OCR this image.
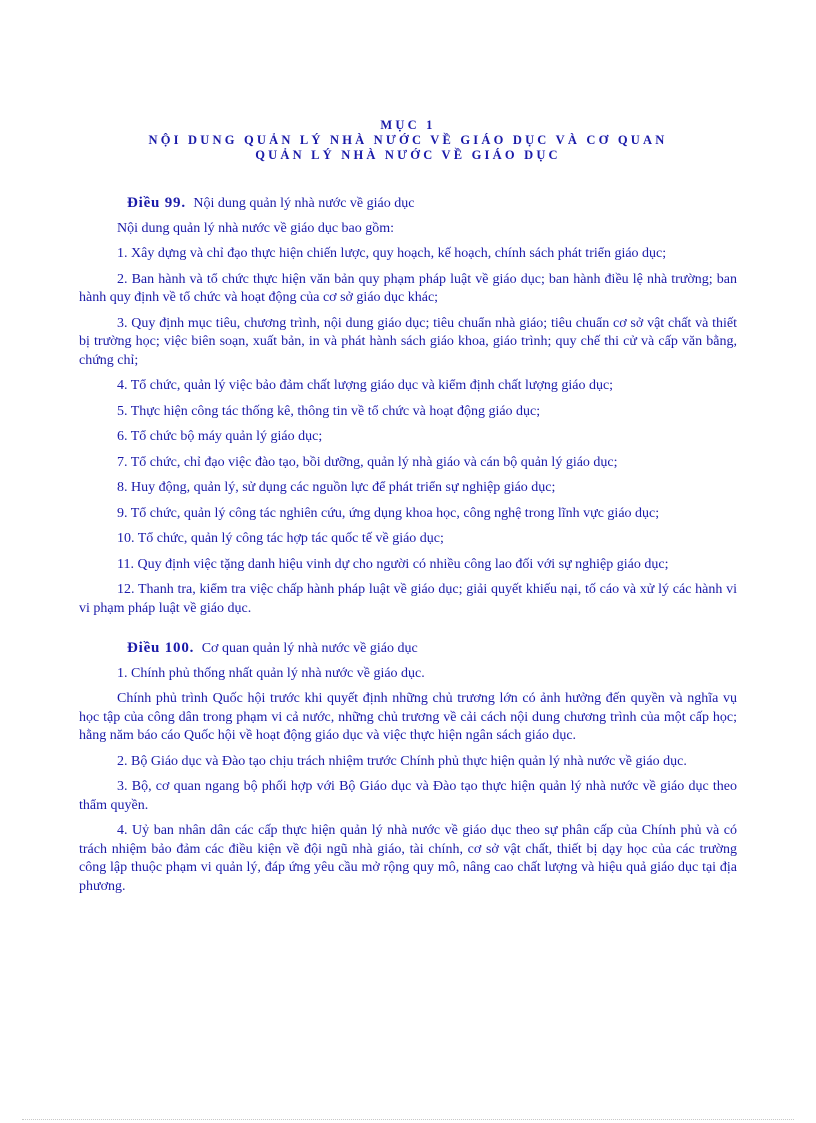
MỤC 1
NỘI DUNG QUẢN LÝ NHÀ NƯỚC VỀ GIÁO DỤC VÀ CƠ QUAN
QUẢN LÝ NHÀ NƯỚC VỀ GIÁO DỤC
Điều 99. Nội dung quản lý nhà nước về giáo dục

Nội dung quản lý nhà nước về giáo dục bao gồm:

1. Xây dựng và chỉ đạo thực hiện chiến lược, quy hoạch, kế hoạch, chính sách phát triển giáo dục;

2. Ban hành và tổ chức thực hiện văn bản quy phạm pháp luật về giáo dục; ban hành điều lệ nhà trường; ban hành quy định về tổ chức và hoạt động của cơ sở giáo dục khác;

3. Quy định mục tiêu, chương trình, nội dung giáo dục; tiêu chuẩn nhà giáo; tiêu chuẩn cơ sở vật chất và thiết bị trường học; việc biên soạn, xuất bản, in và phát hành sách giáo khoa, giáo trình; quy chế thi cử và cấp văn bằng, chứng chỉ;

4. Tổ chức, quản lý việc bảo đảm chất lượng giáo dục và kiểm định chất lượng giáo dục;

5. Thực hiện công tác thống kê, thông tin về tổ chức và hoạt động giáo dục;

6. Tổ chức bộ máy quản lý giáo dục;

7. Tổ chức, chỉ đạo việc đào tạo, bồi dưỡng, quản lý nhà giáo và cán bộ quản lý giáo dục;

8. Huy động, quản lý, sử dụng các nguồn lực để phát triển sự nghiệp giáo dục;

9. Tổ chức, quản lý công tác nghiên cứu, ứng dụng khoa học, công nghệ trong lĩnh vực giáo dục;

10. Tổ chức, quản lý công tác hợp tác quốc tế về giáo dục;

11. Quy định việc tặng danh hiệu vinh dự cho người có nhiều công lao đối với sự nghiệp giáo dục;

12. Thanh tra, kiểm tra việc chấp hành pháp luật về giáo dục; giải quyết khiếu nại, tố cáo và xử lý các hành vi vi phạm pháp luật về giáo dục.

Điều 100. Cơ quan quản lý nhà nước về giáo dục

1. Chính phủ thống nhất quản lý nhà nước về giáo dục.

Chính phủ trình Quốc hội trước khi quyết định những chủ trương lớn có ảnh hưởng đến quyền và nghĩa vụ học tập của công dân trong phạm vi cả nước, những chủ trương về cải cách nội dung chương trình của một cấp học; hằng năm báo cáo Quốc hội về hoạt động giáo dục và việc thực hiện ngân sách giáo dục.

2. Bộ Giáo dục và Đào tạo chịu trách nhiệm trước Chính phủ thực hiện quản lý nhà nước về giáo dục.

3. Bộ, cơ quan ngang bộ phối hợp với Bộ Giáo dục và Đào tạo thực hiện quản lý nhà nước về giáo dục theo thẩm quyền.

4. Uỷ ban nhân dân các cấp thực hiện quản lý nhà nước về giáo dục theo sự phân cấp của Chính phủ và có trách nhiệm bảo đảm các điều kiện về đội ngũ nhà giáo, tài chính, cơ sở vật chất, thiết bị dạy học của các trường công lập thuộc phạm vi quản lý, đáp ứng yêu cầu mở rộng quy mô, nâng cao chất lượng và hiệu quả giáo dục tại địa phương.
